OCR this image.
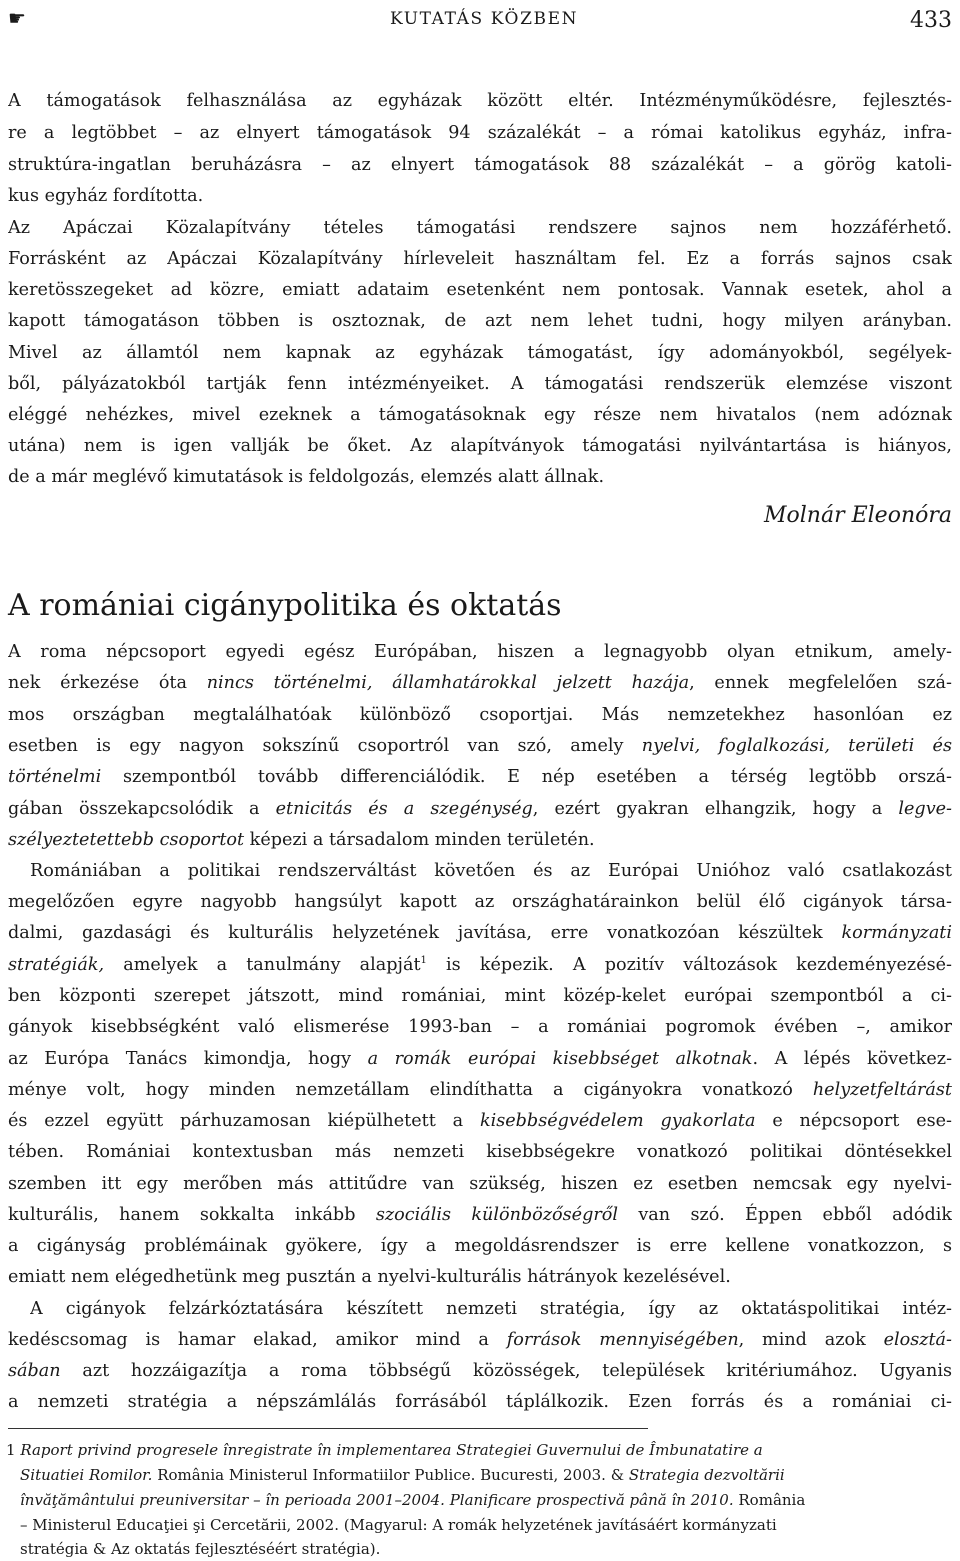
☛	KUTATÁS KÖZBEN	433
A támogatások felhasználása az egyházak között eltér. Intézményműködésre, fejlesztés-
re a legtöbbet – az elnyert támogatások 94 százalékát – a római katolikus egyház, infra-
struktúra-ingatlan beruházásra – az elnyert támogatások 88 százalékát – a görög katoli-
kus egyház fordította.
Az Apáczai Közalapítvány tételes támogatási rendszere sajnos nem hozzáférhető.
Forrásként az Apáczai Közalapítvány hírleveleit használtam fel. Ez a forrás sajnos csak
keretösszegeket ad közre, emiatt adataim esetenként nem pontosak. Vannak esetek, ahol a
kapott támogatáson többen is osztoznak, de azt nem lehet tudni, hogy milyen arányban.
Mivel az államtól nem kapnak az egyházak támogatást, így adományokból, segélyek-
ből, pályázatokból tartják fenn intézményeiket. A támogatási rendszerük elemzése viszont
eléggé nehézkes, mivel ezeknek a támogatásoknak egy része nem hivatalos (nem adóznak
utána) nem is igen vallják be őket. Az alapítványok támogatási nyilvántartása is hiányos,
de a már meglévő kimutatások is feldolgozás, elemzés alatt állnak.
Molnár Eleonóra
A romániai cigánypolitika és oktatás
A roma népcsoport egyedi egész Európában, hiszen a legnagyobb olyan etnikum, amely-
nek érkezése óta nincs történelmi, államhatárokkal jelzett hazája, ennek megfelelően szá-
mos országban megtalálhatóak különböző csoportjai. Más nemzetekhez hasonlóan ez
esetben is egy nagyon sokszínű csoportról van szó, amely nyelvi, foglalkozási, területi és
történelmi szempontból tovább differenciálódik. E nép esetében a térség legtöbb orszá-
gában összekapcsolódik a etnicitás és a szegénység, ezért gyakran elhangzik, hogy a legve-
szélyeztetettebb csoportot képezi a társadalom minden területén.
Romániában a politikai rendszerváltást követően és az Európai Unióhoz való csatlakozást
megelőzően egyre nagyobb hangsúlyt kapott az országhatárainkon belül élő cigányok társa-
dalmi, gazdasági és kulturális helyzetének javítása, erre vonatkozóan készültek kormányzati
stratégiák, amelyek a tanulmány alapját$^1$ is képezik. A pozitív változások kezdeményezésé-
ben központi szerepet játszott, mind romániai, mint közép-kelet európai szempontból a ci-
gányok kisebbségként való elismerése 1993-ban – a romániai pogromok évében –, amikor
az Európa Tanács kimondja, hogy a romák európai kisebbséget alkotnak. A lépés következ-
ménye volt, hogy minden nemzetállam elindíthatta a cigányokra vonatkozó helyzetfeltárást
és ezzel együtt párhuzamosan kiépülhetett a kisebbségvédelem gyakorlata e népcsoport ese-
tében. Romániai kontextusban más nemzeti kisebbségekre vonatkozó politikai döntésekkel
szemben itt egy merőben más attitűdre van szükség, hiszen ez esetben nemcsak egy nyelvi-
kulturális, hanem sokkalta inkább szociális különbözőségről van szó. Éppen ebből adódik
a cigányság problémáinak gyökere, így a megoldásrendszer is erre kellene vonatkozzon, s
emiatt nem elégedhetünk meg pusztán a nyelvi-kulturális hátrányok kezelésével.
A cigányok felzárkóztatására készített nemzeti stratégia, így az oktatáspolitikai intéz-
kedéscsomag is hamar elakad, amikor mind a források mennyiségében, mind azok elosztá-
sában azt hozzáigazítja a roma többségű közösségek, települések kritériumához. Ugyanis
a nemzeti stratégia a népszámlálás forrásából táplálkozik. Ezen forrás és a romániai ci-
1 Raport privind progresele înregistrate în implementarea Strategiei Guvernului de Îmbunatatire a
Situatiei Romilor. România Ministerul Informatiilor Publice. Bucuresti, 2003. & Strategia dezvoltării
învăţământului preuniversitar – în perioada 2001–2004. Planificare prospectivă până în 2010. România
– Ministerul Educaţiei şi Cercetării, 2002. (Magyarul: A romák helyzetének javításáért kormányzati
stratégia & Az oktatás fejlesztéséért stratégia).
